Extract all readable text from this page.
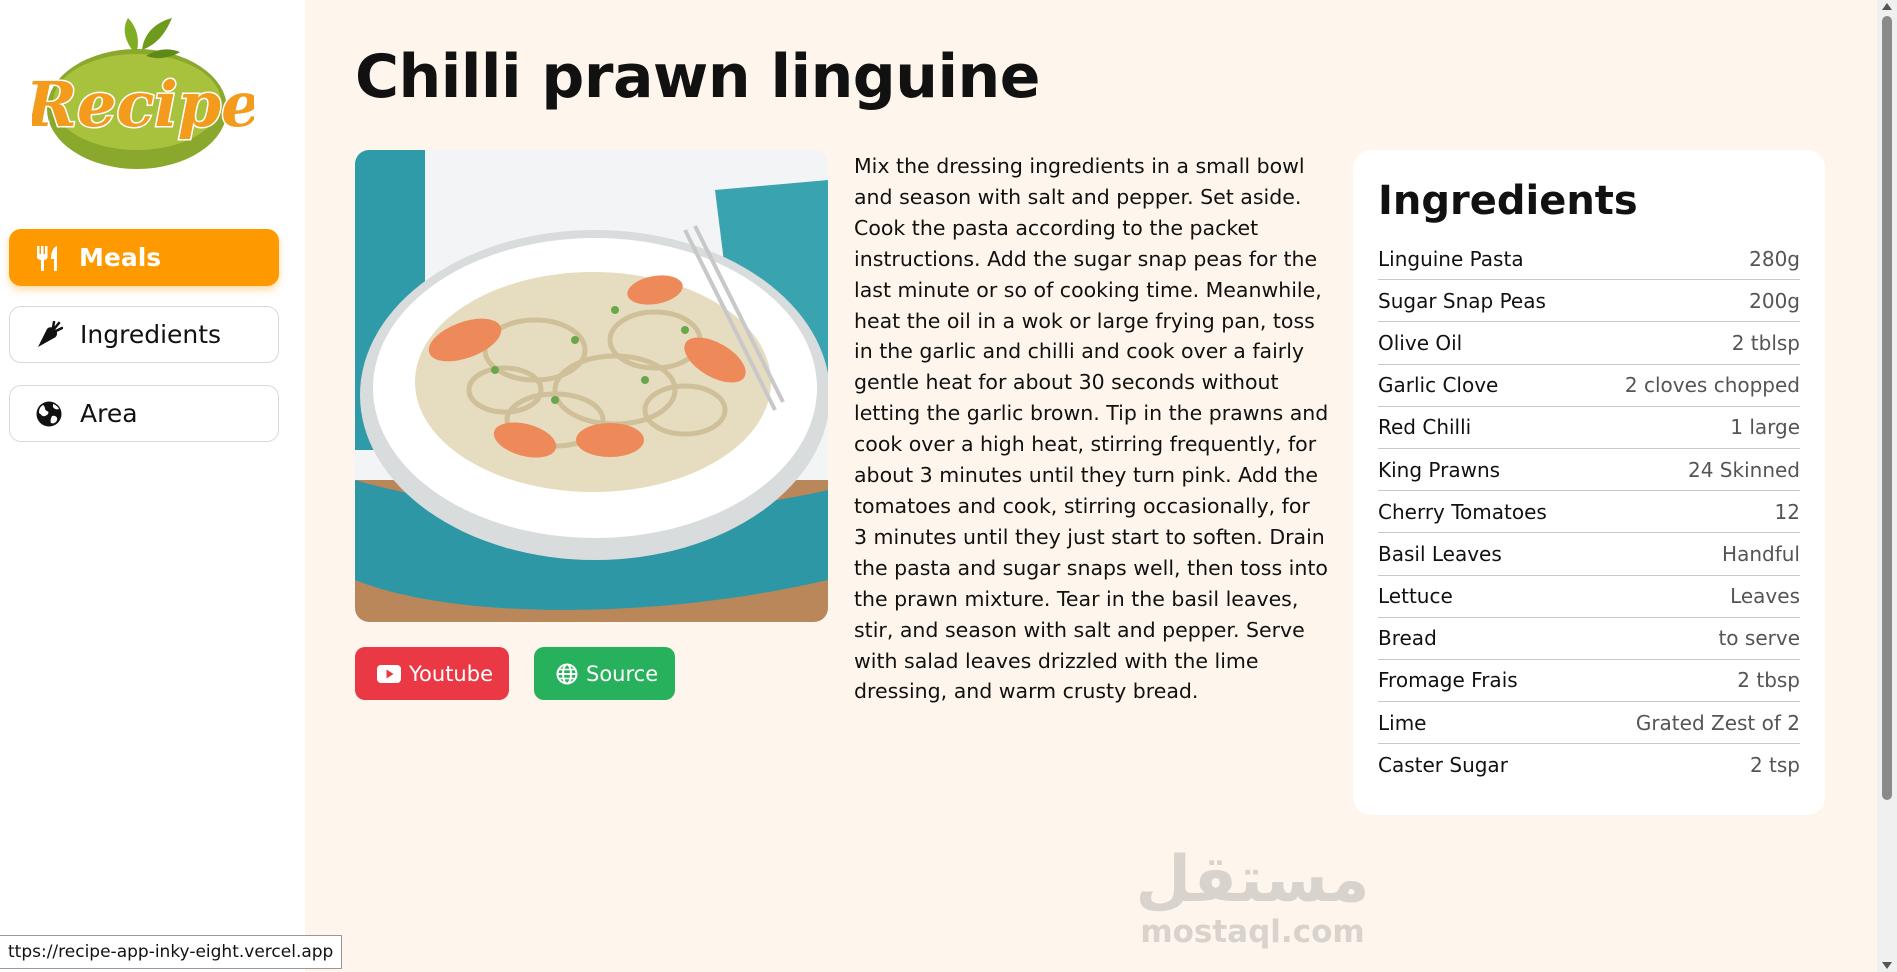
Recipe
Meals
Ingredients
Area
Chilli prawn linguine
Youtube	Source

Mix the dressing ingredients in a small bowl and season with salt and pepper. Set aside. Cook the pasta according to the packet instructions. Add the sugar snap peas for the last minute or so of cooking time. Meanwhile, heat the oil in a wok or large frying pan, toss in the garlic and chilli and cook over a fairly gentle heat for about 30 seconds without letting the garlic brown. Tip in the prawns and cook over a high heat, stirring frequently, for about 3 minutes until they turn pink. Add the tomatoes and cook, stirring occasionally, for 3 minutes until they just start to soften. Drain the pasta and sugar snaps well, then toss into the prawn mixture. Tear in the basil leaves, stir, and season with salt and pepper. Serve with salad leaves drizzled with the lime dressing, and warm crusty bread.

Ingredients
Linguine Pasta	280g
Sugar Snap Peas	200g
Olive Oil	2 tblsp
Garlic Clove	2 cloves chopped
Red Chilli	1 large
King Prawns	24 Skinned
Cherry Tomatoes	12
Basil Leaves	Handful
Lettuce	Leaves
Bread	to serve
Fromage Frais	2 tbsp
Lime	Grated Zest of 2
Caster Sugar	2 tsp
مستقل
mostaql.com
ttps://recipe-app-inky-eight.vercel.app
